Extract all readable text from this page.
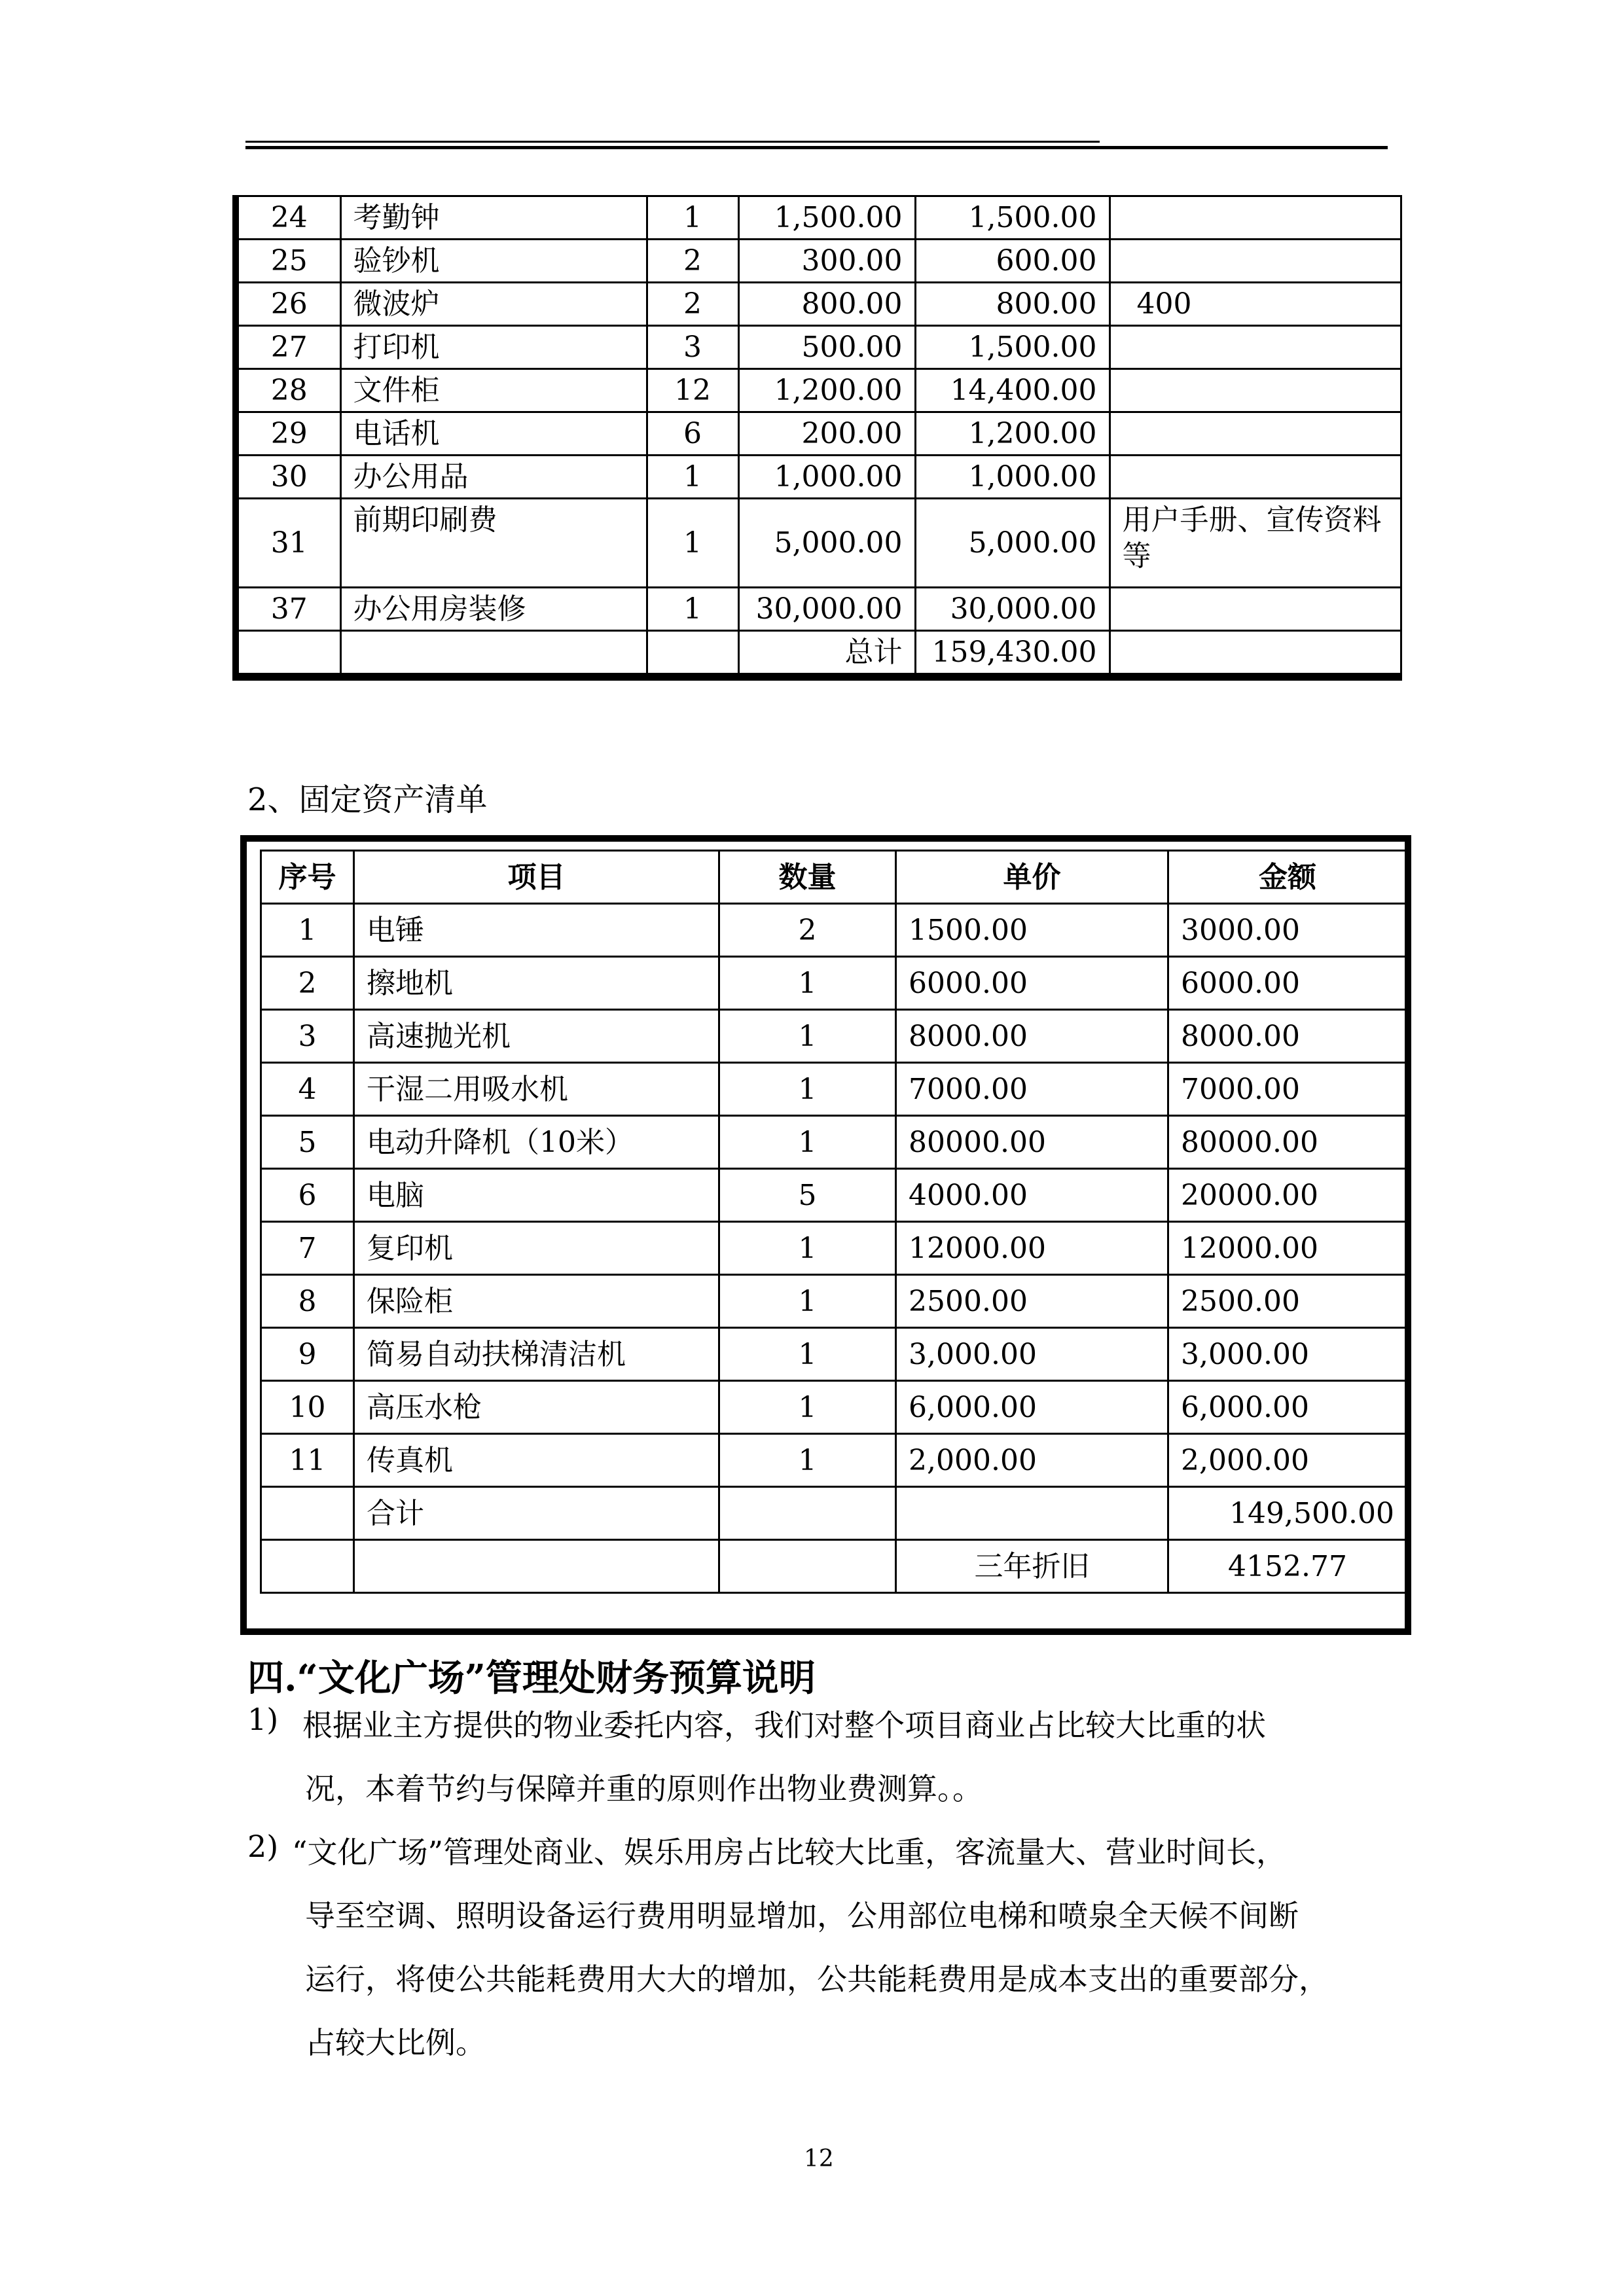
24	考勤钟	1	1,500.00	1,500.00	
25	验钞机	2	300.00	600.00	
26	微波炉	2	800.00	800.00	400
27	打印机	3	500.00	1,500.00	
28	文件柜	12	1,200.00	14,400.00	
29	电话机	6	200.00	1,200.00	
30	办公用品	1	1,000.00	1,000.00	
31	前期印刷费	1	5,000.00	5,000.00	用户手册、宣传资料等
37	办公用房装修	1	30,000.00	30,000.00	
			总计	159,430.00	
2、固定资产清单
序号	项目	数量	单价	金额
1	电锤	2	1500.00	3000.00
2	擦地机	1	6000.00	6000.00
3	高速抛光机	1	8000.00	8000.00
4	干湿二用吸水机	1	7000.00	7000.00
5	电动升降机（10米）	1	80000.00	80000.00
6	电脑	5	4000.00	20000.00
7	复印机	1	12000.00	12000.00
8	保险柜	1	2500.00	2500.00
9	简易自动扶梯清洁机	1	3,000.00	3,000.00
10	高压水枪	1	6,000.00	6,000.00
11	传真机	1	2,000.00	2,000.00
	合计			149,500.00
			三年折旧	4152.77
四.“文化广场”管理处财务预算说明
1) 根据业主方提供的物业委托内容，我们对整个项目商业占比较大比重的状
况，本着节约与保障并重的原则作出物业费测算。。
2) “文化广场”管理处商业、娱乐用房占比较大比重，客流量大、营业时间长，
导至空调、照明设备运行费用明显增加，公用部位电梯和喷泉全天候不间断
运行，将使公共能耗费用大大的增加，公共能耗费用是成本支出的重要部分，
占较大比例。
12
